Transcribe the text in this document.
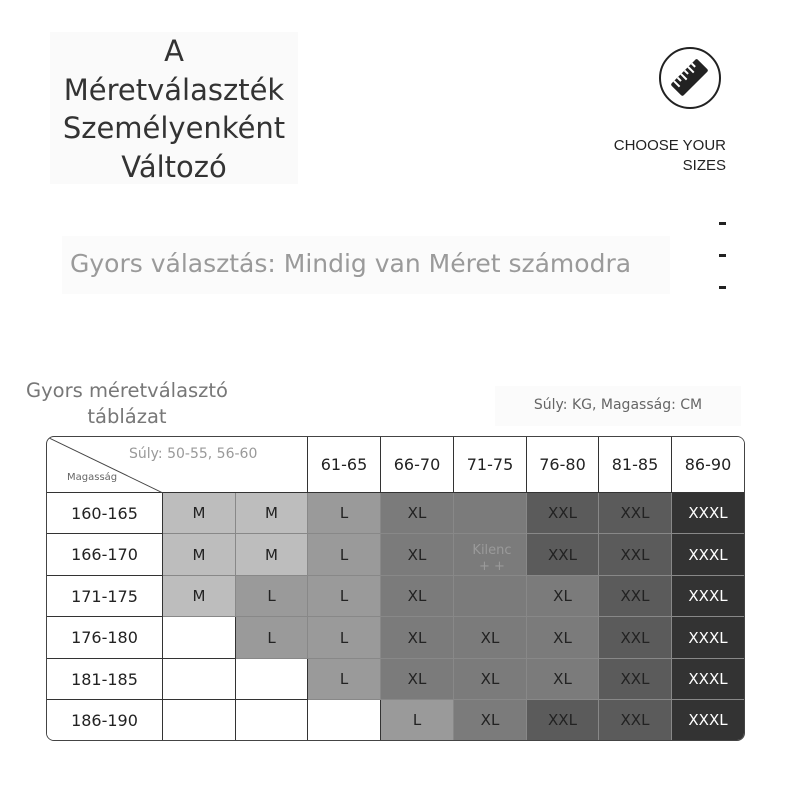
A
Méretválaszték
Személyenként
Változó
CHOOSE YOUR
SIZES
Gyors választás: Mindig van Méret számodra
Gyors méretválasztó
táblázat	Súly: KG, Magasság: CM
XXXL
XXL
XXL
XL
L
186-190
XXXL
XXL
XL
XL
XL
L
181-185
XXXL
XXL
XL
XL
XL
L
L
176-180
XXXL
XXL
XL
XL
L
L
M
171-175
XXXL
XXL
XXL
XL
L
M
M
166-170
XXXL
XXL
XXL
XL
L
M
M
160-165
86-90
81-85
76-80
71-75
66-70
61-65
Súly: 50-55, 56-60
Magasság
Kilenc
+ +
